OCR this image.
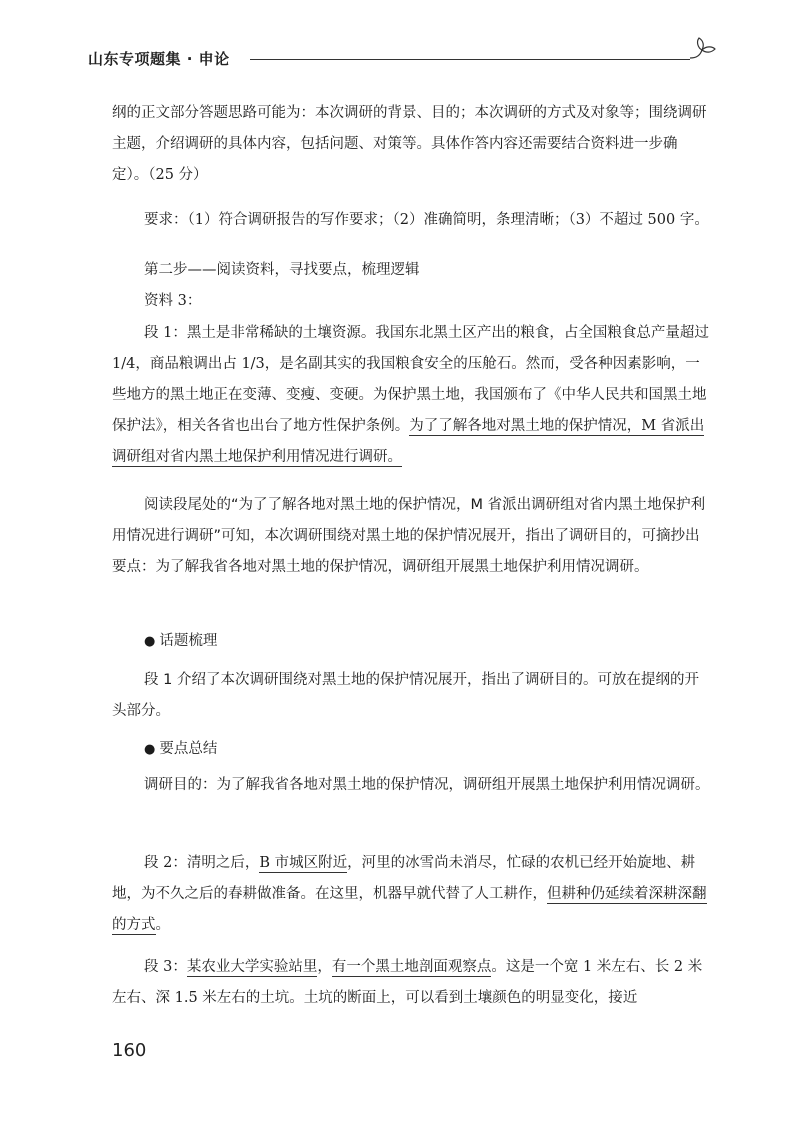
山东专项题集 · 申论

纲的正文部分答题思路可能为：本次调研的背景、目的；本次调研的方式及对象等；围绕调研主题，介绍调研的具体内容，包括问题、对策等。具体作答内容还需要结合资料进一步确定）。（25 分）

要求：（1）符合调研报告的写作要求；（2）准确简明，条理清晰；（3）不超过 500 字。

第二步——阅读资料，寻找要点，梳理逻辑

资料 3：

段 1：黑土是非常稀缺的土壤资源。我国东北黑土区产出的粮食，占全国粮食总产量超过 1/4，商品粮调出占 1/3，是名副其实的我国粮食安全的压舱石。然而，受各种因素影响，一些地方的黑土地正在变薄、变瘦、变硬。为保护黑土地，我国颁布了《中华人民共和国黑土地保护法》，相关各省也出台了地方性保护条例。为了了解各地对黑土地的保护情况，M 省派出调研组对省内黑土地保护利用情况进行调研。

阅读段尾处的“为了了解各地对黑土地的保护情况，M 省派出调研组对省内黑土地保护利用情况进行调研”可知，本次调研围绕对黑土地的保护情况展开，指出了调研目的，可摘抄出要点：为了解我省各地对黑土地的保护情况，调研组开展黑土地保护利用情况调研。

● 话题梳理

段 1 介绍了本次调研围绕对黑土地的保护情况展开，指出了调研目的。可放在提纲的开头部分。

● 要点总结

调研目的：为了解我省各地对黑土地的保护情况，调研组开展黑土地保护利用情况调研。

段 2：清明之后，B 市城区附近，河里的冰雪尚未消尽，忙碌的农机已经开始旋地、耕地，为不久之后的春耕做准备。在这里，机器早就代替了人工耕作，但耕种仍延续着深耕深翻的方式。

段 3：某农业大学实验站里，有一个黑土地剖面观察点。这是一个宽 1 米左右、长 2 米左右、深 1.5 米左右的土坑。土坑的断面上，可以看到土壤颜色的明显变化，接近

160
